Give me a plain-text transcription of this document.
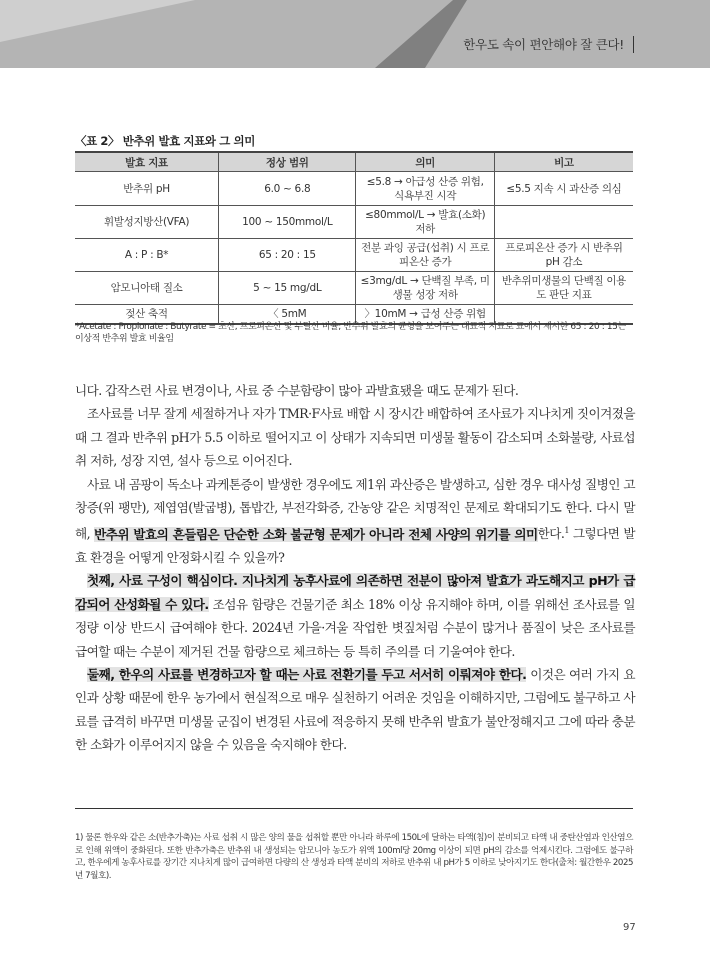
한우도 속이 편안해야 잘 큰다!
〈표 2〉 반추위 발효 지표와 그 의미
발효 지표	정상 범위	의미	비고
반추위 pH	6.0 ~ 6.8	≤5.8 → 아급성 산증 위험, 식욕부진 시작	≤5.5 지속 시 과산증 의심
휘발성지방산(VFA)	100 ~ 150mmol/L	≤80mmol/L → 발효(소화) 저하	
A : P : B*	65 : 20 : 15	전분 과잉 공급(섭취) 시 프로피온산 증가	프로피온산 증가 시 반추위 pH 감소
암모니아태 질소	5 ~ 15 mg/dL	≤3mg/dL → 단백질 부족, 미생물 성장 저하	반추위미생물의 단백질 이용도 판단 지표
젖산 축적	〈 5mM	〉10mM → 급성 산증 위험	
*Acetate : Propionate : Butyrate = 초산, 프로피온산 및 부틸산 비율; 반추위 발효의 균형을 보여주는 대표적 지표로 표에서 제시한 65 : 20 : 15는 이상적 반추위 발효 비율임

니다. 갑작스런 사료 변경이나, 사료 중 수분함량이 많아 과발효됐을 때도 문제가 된다.

조사료를 너무 잘게 세절하거나 자가 TMR·F사료 배합 시 장시간 배합하여 조사료가 지나치게 짓이겨졌을 때 그 결과 반추위 pH가 5.5 이하로 떨어지고 이 상태가 지속되면 미생물 활동이 감소되며 소화불량, 사료섭취 저하, 성장 지연, 설사 등으로 이어진다.

사료 내 곰팡이 독소나 과케톤증이 발생한 경우에도 제1위 과산증은 발생하고, 심한 경우 대사성 질병인 고창증(위 팽만), 제엽염(발굽병), 톱밥간, 부전각화증, 간농양 같은 치명적인 문제로 확대되기도 한다. 다시 말해, 반추위 발효의 흔들림은 단순한 소화 불균형 문제가 아니라 전체 사양의 위기를 의미한다.$^1$ 그렇다면 발효 환경을 어떻게 안정화시킬 수 있을까?

첫째, 사료 구성이 핵심이다. 지나치게 농후사료에 의존하면 전분이 많아져 발효가 과도해지고 pH가 급감되어 산성화될 수 있다. 조섬유 함량은 건물기준 최소 18% 이상 유지해야 하며, 이를 위해선 조사료를 일정량 이상 반드시 급여해야 한다. 2024년 가을·겨울 작업한 볏짚처럼 수분이 많거나 품질이 낮은 조사료를 급여할 때는 수분이 제거된 건물 함량으로 체크하는 등 특히 주의를 더 기울여야 한다.

둘째, 한우의 사료를 변경하고자 할 때는 사료 전환기를 두고 서서히 이뤄져야 한다. 이것은 여러 가지 요인과 상황 때문에 한우 농가에서 현실적으로 매우 실천하기 어려운 것임을 이해하지만, 그럼에도 불구하고 사료를 급격히 바꾸면 미생물 군집이 변경된 사료에 적응하지 못해 반추위 발효가 불안정해지고 그에 따라 충분한 소화가 이루어지지 않을 수 있음을 숙지해야 한다.

1) 물론 한우와 같은 소(반추가축)는 사료 섭취 시 많은 양의 물을 섭취할 뿐만 아니라 하루에 150L에 달하는 타액(침)이 분비되고 타액 내 중탄산염과 인산염으로 인해 위액이 중화된다. 또한 반추가축은 반추위 내 생성되는 암모니아 농도가 위액 100ml당 20mg 이상이 되면 pH의 감소를 억제시킨다. 그럼에도 불구하고, 한우에게 농후사료를 장기간 지나치게 많이 급여하면 다량의 산 생성과 타액 분비의 저하로 반추위 내 pH가 5 이하로 낮아지기도 한다(출처: 월간한우 2025년 7월호).
97
